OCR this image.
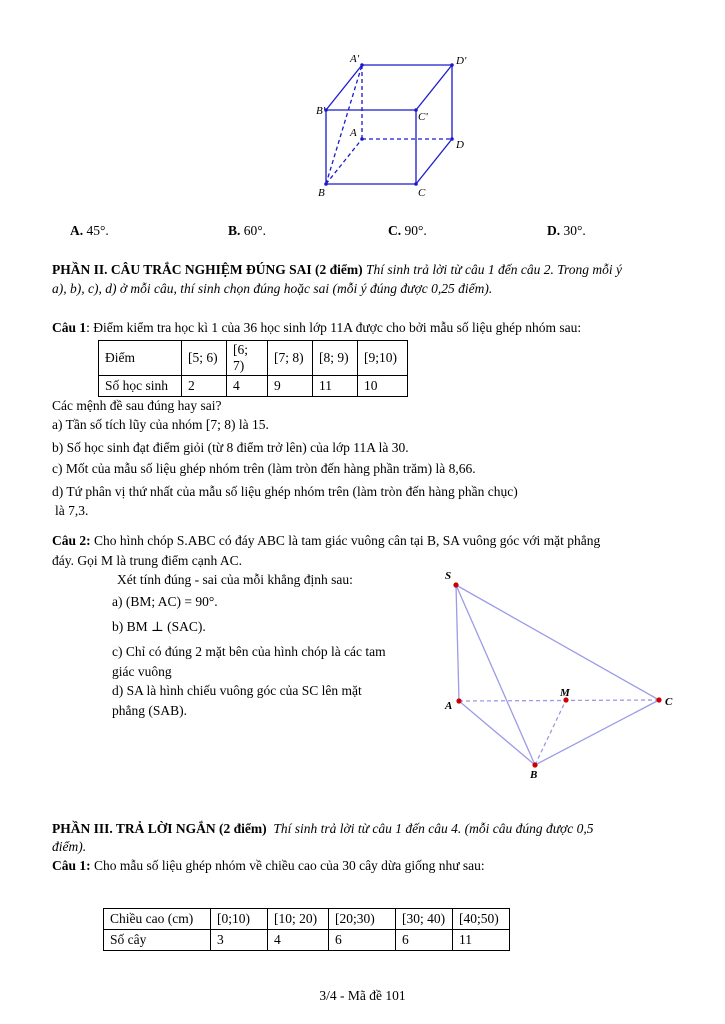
A'	D'
B'	C'
A
D
B	C
A. 45°.	B. 60°.	C. 90°.	D. 30°.
PHẦN II. CÂU TRẮC NGHIỆM ĐÚNG SAI (2 điểm) Thí sinh trả lời từ câu 1 đến câu 2. Trong mỗi ý
a), b), c), d) ở mỗi câu, thí sinh chọn đúng hoặc sai (mỗi ý đúng được 0,25 điểm).
Câu 1: Điểm kiểm tra học kì 1 của 36 học sinh lớp 11A được cho bởi mẫu số liệu ghép nhóm sau:
Điểm	[5; 6)	[6; 7)	[7; 8)	[8; 9)	[9;10)
Số học sinh	2	4	9	11	10
Các mệnh đề sau đúng hay sai?
a) Tần số tích lũy của nhóm [7; 8) là 15.
b) Số học sinh đạt điểm giỏi (từ 8 điểm trở lên) của lớp 11A là 30.
c) Mốt của mẫu số liệu ghép nhóm trên (làm tròn đến hàng phần trăm) là 8,66.
d) Tứ phân vị thứ nhất của mẫu số liệu ghép nhóm trên (làm tròn đến hàng phần chục)
là 7,3.
Câu 2: Cho hình chóp S.ABC có đáy ABC là tam giác vuông cân tại B, SA vuông góc với mặt phẳng
đáy. Gọi M là trung điểm cạnh AC.
Xét tính đúng - sai của mỗi khẳng định sau:
a) (BM; AC) = 90°.
b) BM ⊥ (SAC).
c) Chỉ có đúng 2 mặt bên của hình chóp là các tam
giác vuông
d) SA là hình chiếu vuông góc của SC lên mặt
phẳng (SAB).
S
A
M
C
B
PHẦN III. TRẢ LỜI NGẮN (2 điểm) Thí sinh trả lời từ câu 1 đến câu 4. (mỗi câu đúng được 0,5
điểm).
Câu 1: Cho mẫu số liệu ghép nhóm về chiều cao của 30 cây dừa giống như sau:
Chiều cao (cm)	[0;10)	[10; 20)	[20;30)	[30; 40)	[40;50)
Số cây	3	4	6	6	11
3/4 - Mã đề 101
